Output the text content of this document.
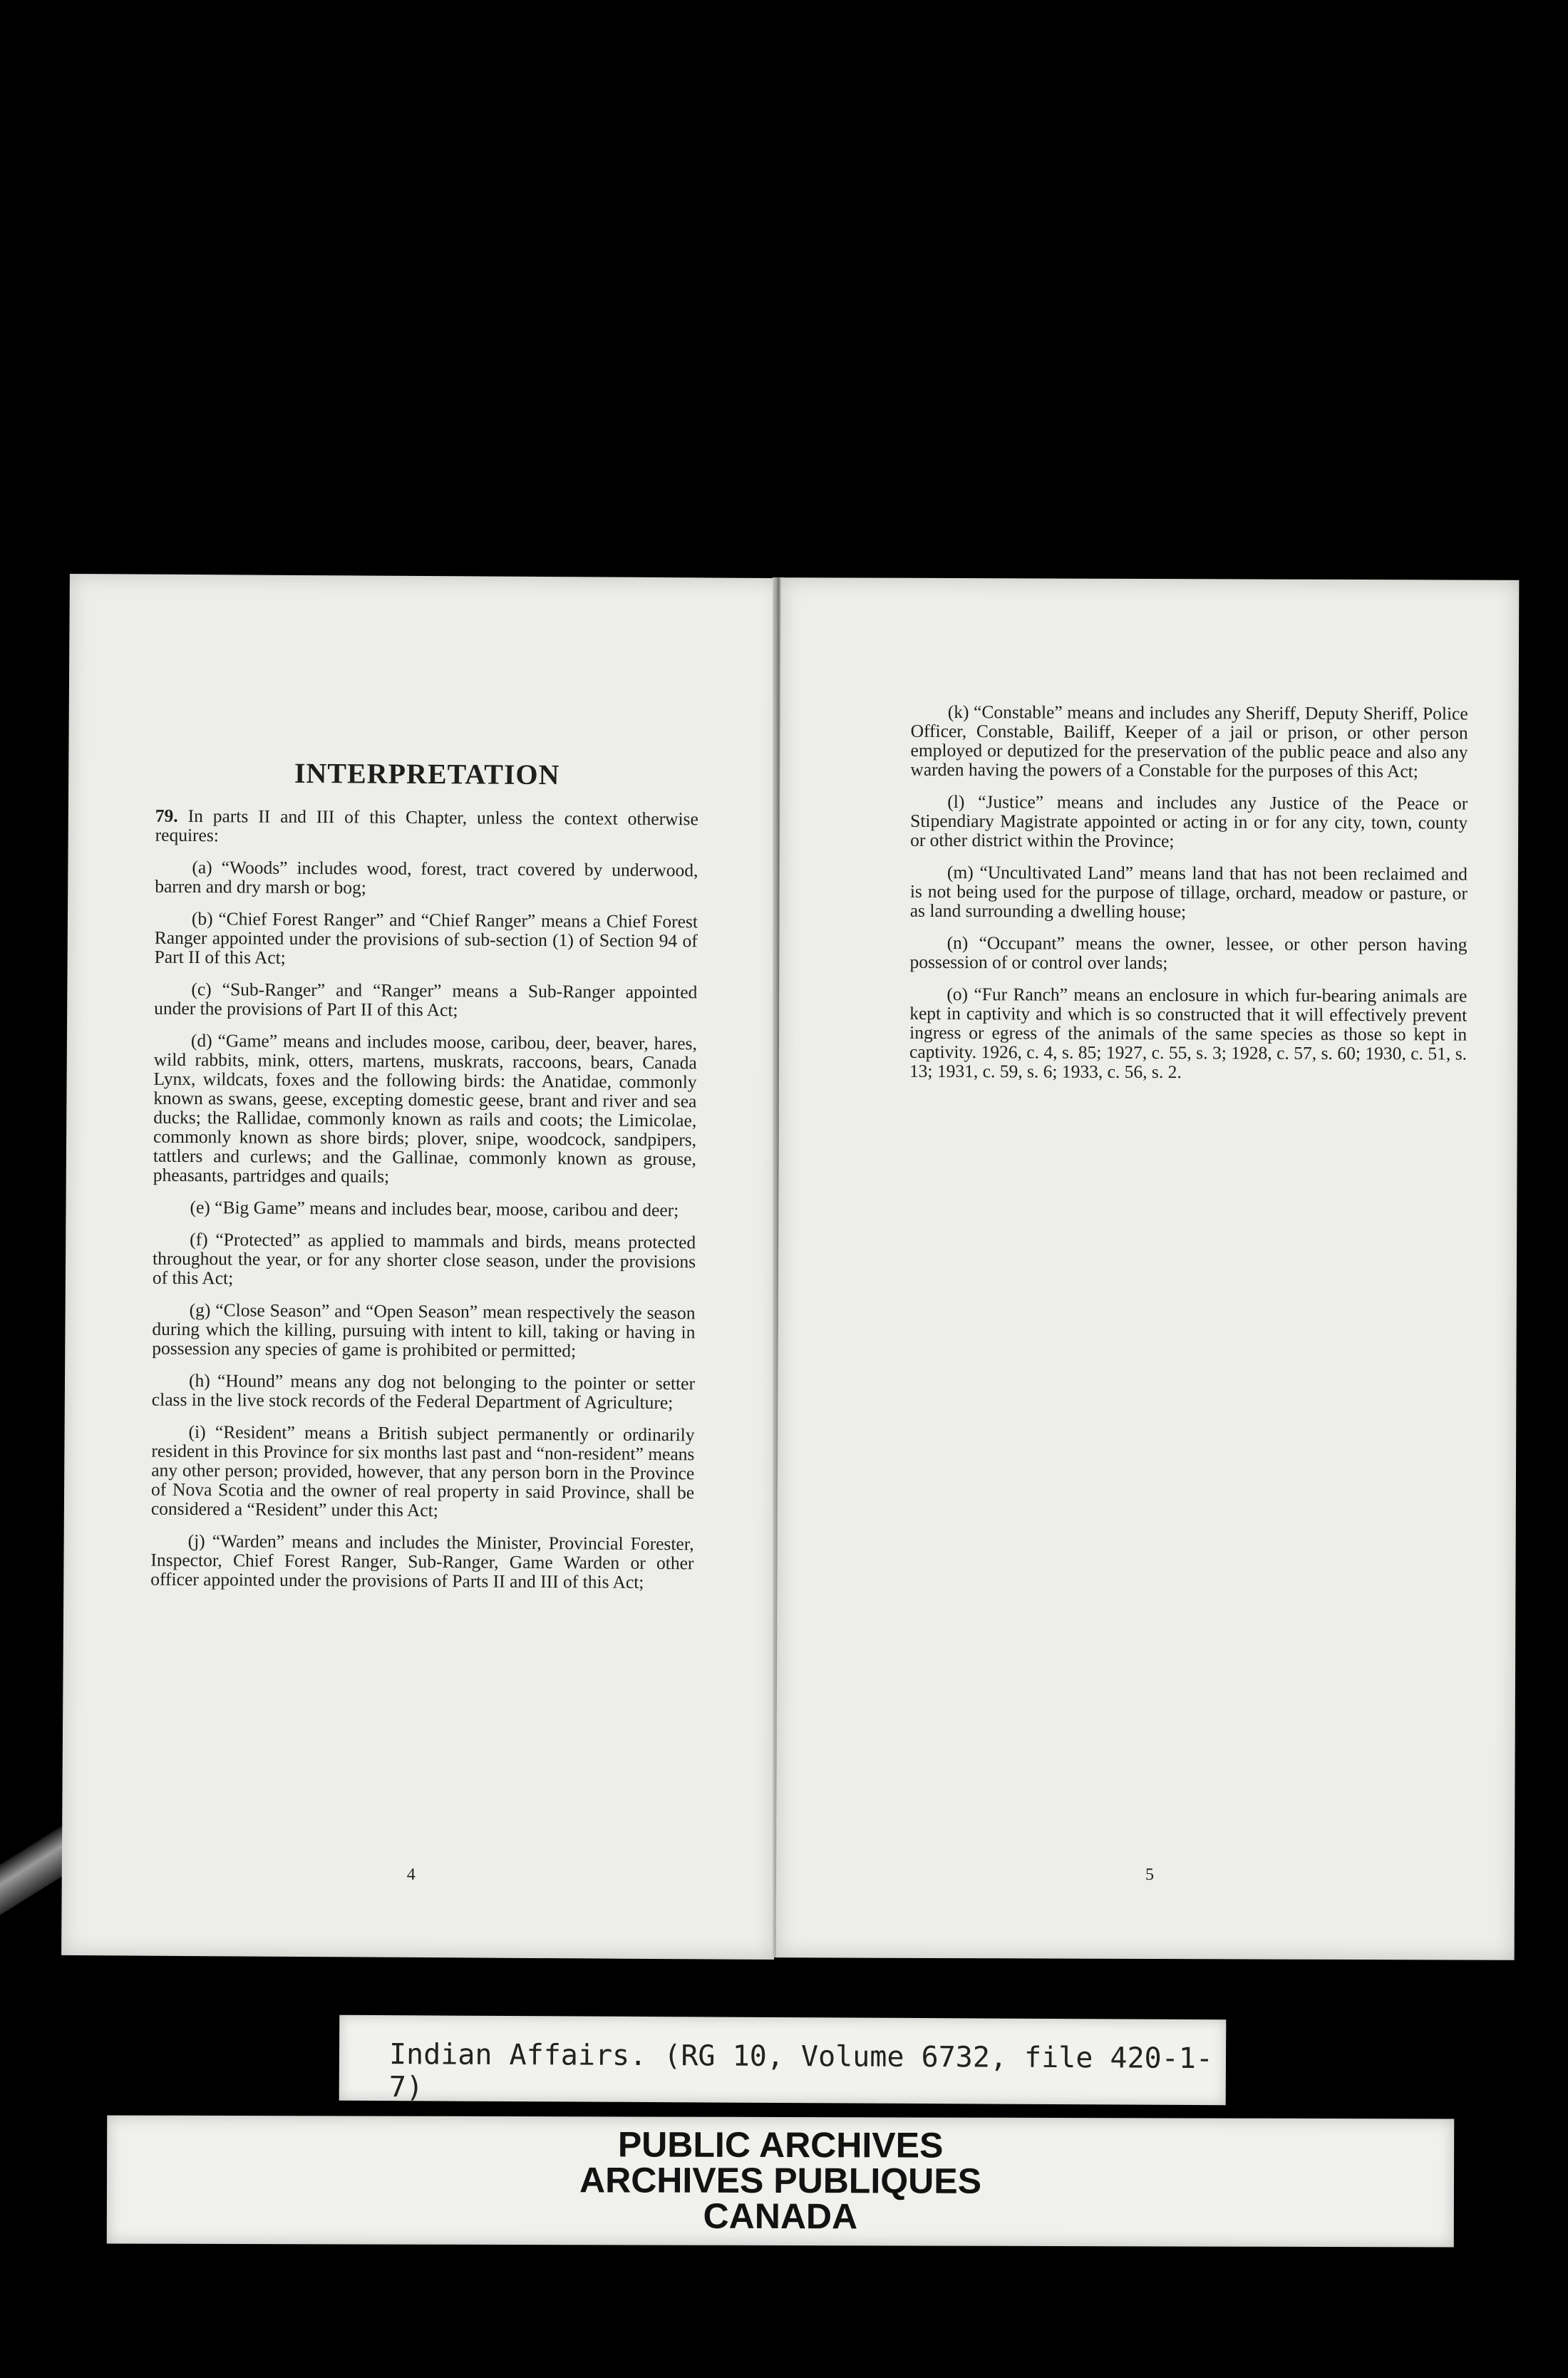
INTERPRETATION

79. In parts II and III of this Chapter, unless the context otherwise requires:

(a) “Woods” includes wood, forest, tract covered by underwood, barren and dry marsh or bog;

(b) “Chief Forest Ranger” and “Chief Ranger” means a Chief Forest Ranger appointed under the provisions of sub-section (1) of Section 94 of Part II of this Act;

(c) “Sub-Ranger” and “Ranger” means a Sub-Ranger appointed under the provisions of Part II of this Act;

(d) “Game” means and includes moose, caribou, deer, beaver, hares, wild rabbits, mink, otters, martens, muskrats, raccoons, bears, Canada Lynx, wildcats, foxes and the following birds: the Anatidae, commonly known as swans, geese, excepting domestic geese, brant and river and sea ducks; the Rallidae, commonly known as rails and coots; the Limicolae, commonly known as shore birds; plover, snipe, woodcock, sandpipers, tattlers and curlews; and the Gallinae, commonly known as grouse, pheasants, partridges and quails;

(e) “Big Game” means and includes bear, moose, caribou and deer;

(f) “Protected” as applied to mammals and birds, means protected throughout the year, or for any shorter close season, under the provisions of this Act;

(g) “Close Season” and “Open Season” mean respectively the season during which the killing, pursuing with intent to kill, taking or having in possession any species of game is prohibited or permitted;

(h) “Hound” means any dog not belonging to the pointer or setter class in the live stock records of the Federal Department of Agriculture;

(i) “Resident” means a British subject permanently or ordinarily resident in this Province for six months last past and “non-resident” means any other person; provided, however, that any person born in the Province of Nova Scotia and the owner of real property in said Province, shall be considered a “Resident” under this Act;

(j) “Warden” means and includes the Minister, Provincial Forester, Inspector, Chief Forest Ranger, Sub-Ranger, Game Warden or other officer appointed under the provisions of Parts II and III of this Act;

4

(k) “Constable” means and includes any Sheriff, Deputy Sheriff, Police Officer, Constable, Bailiff, Keeper of a jail or prison, or other person employed or deputized for the preservation of the public peace and also any warden having the powers of a Constable for the purposes of this Act;

(l) “Justice” means and includes any Justice of the Peace or Stipendiary Magistrate appointed or acting in or for any city, town, county or other district within the Province;

(m) “Uncultivated Land” means land that has not been reclaimed and is not being used for the purpose of tillage, orchard, meadow or pasture, or as land surrounding a dwelling house;

(n) “Occupant” means the owner, lessee, or other person having possession of or control over lands;

(o) “Fur Ranch” means an enclosure in which fur-bearing animals are kept in captivity and which is so constructed that it will effectively prevent ingress or egress of the animals of the same species as those so kept in captivity. 1926, c. 4, s. 85; 1927, c. 55, s. 3; 1928, c. 57, s. 60; 1930, c. 51, s. 13; 1931, c. 59, s. 6; 1933, c. 56, s. 2.

5
Indian Affairs. (RG 10, Volume 6732, file 420-1-7)
PUBLIC ARCHIVES
ARCHIVES PUBLIQUES
CANADA
